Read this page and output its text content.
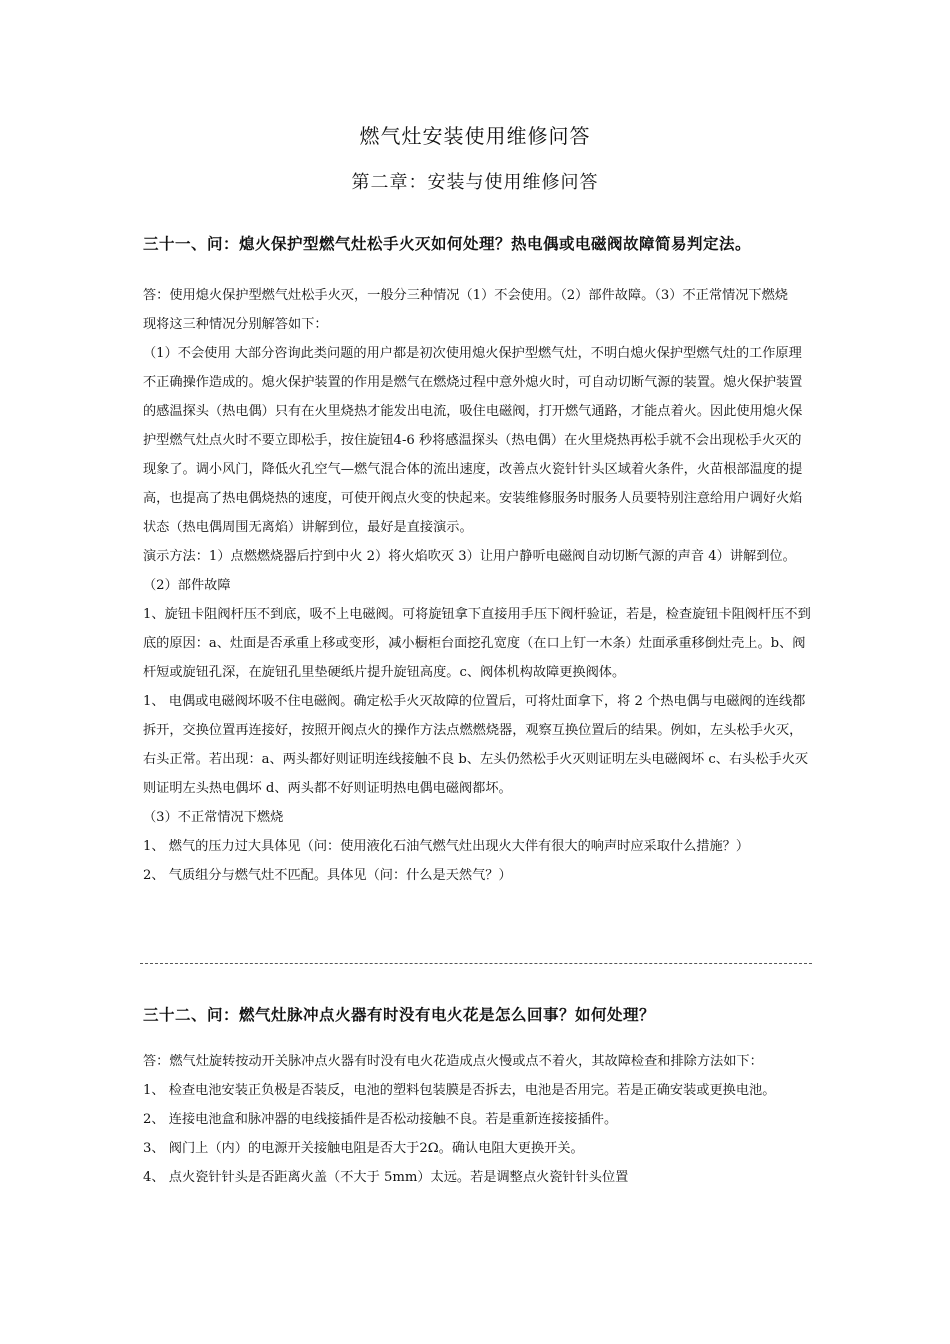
燃气灶安装使用维修问答
第二章：安装与使用维修问答
三十一、问：熄火保护型燃气灶松手火灭如何处理？热电偶或电磁阀故障简易判定法。

答：使用熄火保护型燃气灶松手火灭，一般分三种情况（1）不会使用。（2）部件故障。（3）不正常情况下燃烧

现将这三种情况分别解答如下：

（1）不会使用 大部分咨询此类问题的用户都是初次使用熄火保护型燃气灶，不明白熄火保护型燃气灶的工作原理不正确操作造成的。熄火保护装置的作用是燃气在燃烧过程中意外熄火时，可自动切断气源的装置。熄火保护装置的感温探头（热电偶）只有在火里烧热才能发出电流，吸住电磁阀，打开燃气通路，才能点着火。因此使用熄火保护型燃气灶点火时不要立即松手，按住旋钮4-6 秒将感温探头（热电偶）在火里烧热再松手就不会出现松手火灭的现象了。调小风门，降低火孔空气—燃气混合体的流出速度，改善点火瓷针针头区域着火条件，火苗根部温度的提高，也提高了热电偶烧热的速度，可使开阀点火变的快起来。安装维修服务时服务人员要特别注意给用户调好火焰状态（热电偶周围无离焰）讲解到位，最好是直接演示。

演示方法：1）点燃燃烧器后拧到中火 2）将火焰吹灭 3）让用户静听电磁阀自动切断气源的声音 4）讲解到位。

（2）部件故障

1、旋钮卡阻阀杆压不到底，吸不上电磁阀。可将旋钮拿下直接用手压下阀杆验证，若是，检查旋钮卡阻阀杆压不到底的原因：a、灶面是否承重上移或变形，减小橱柜台面挖孔宽度（在口上钉一木条）灶面承重移倒灶壳上。b、阀杆短或旋钮孔深，在旋钮孔里垫硬纸片提升旋钮高度。c、阀体机构故障更换阀体。

1、 电偶或电磁阀坏吸不住电磁阀。确定松手火灭故障的位置后，可将灶面拿下，将 2 个热电偶与电磁阀的连线都拆开，交换位置再连接好，按照开阀点火的操作方法点燃燃烧器，观察互换位置后的结果。例如，左头松手火灭，右头正常。若出现：a、两头都好则证明连线接触不良 b、左头仍然松手火灭则证明左头电磁阀坏 c、右头松手火灭则证明左头热电偶坏 d、两头都不好则证明热电偶电磁阀都坏。

（3）不正常情况下燃烧

1、 燃气的压力过大具体见（问：使用液化石油气燃气灶出现火大伴有很大的响声时应采取什么措施？）

2、 气质组分与燃气灶不匹配。具体见（问：什么是天然气？）

三十二、问：燃气灶脉冲点火器有时没有电火花是怎么回事？如何处理？

答：燃气灶旋转按动开关脉冲点火器有时没有电火花造成点火慢或点不着火，其故障检查和排除方法如下：

1、 检查电池安装正负极是否装反，电池的塑料包装膜是否拆去，电池是否用完。若是正确安装或更换电池。

2、 连接电池盒和脉冲器的电线接插件是否松动接触不良。若是重新连接接插件。

3、 阀门上（内）的电源开关接触电阻是否大于2Ω。确认电阻大更换开关。

4、 点火瓷针针头是否距离火盖（不大于 5mm）太远。若是调整点火瓷针针头位置
